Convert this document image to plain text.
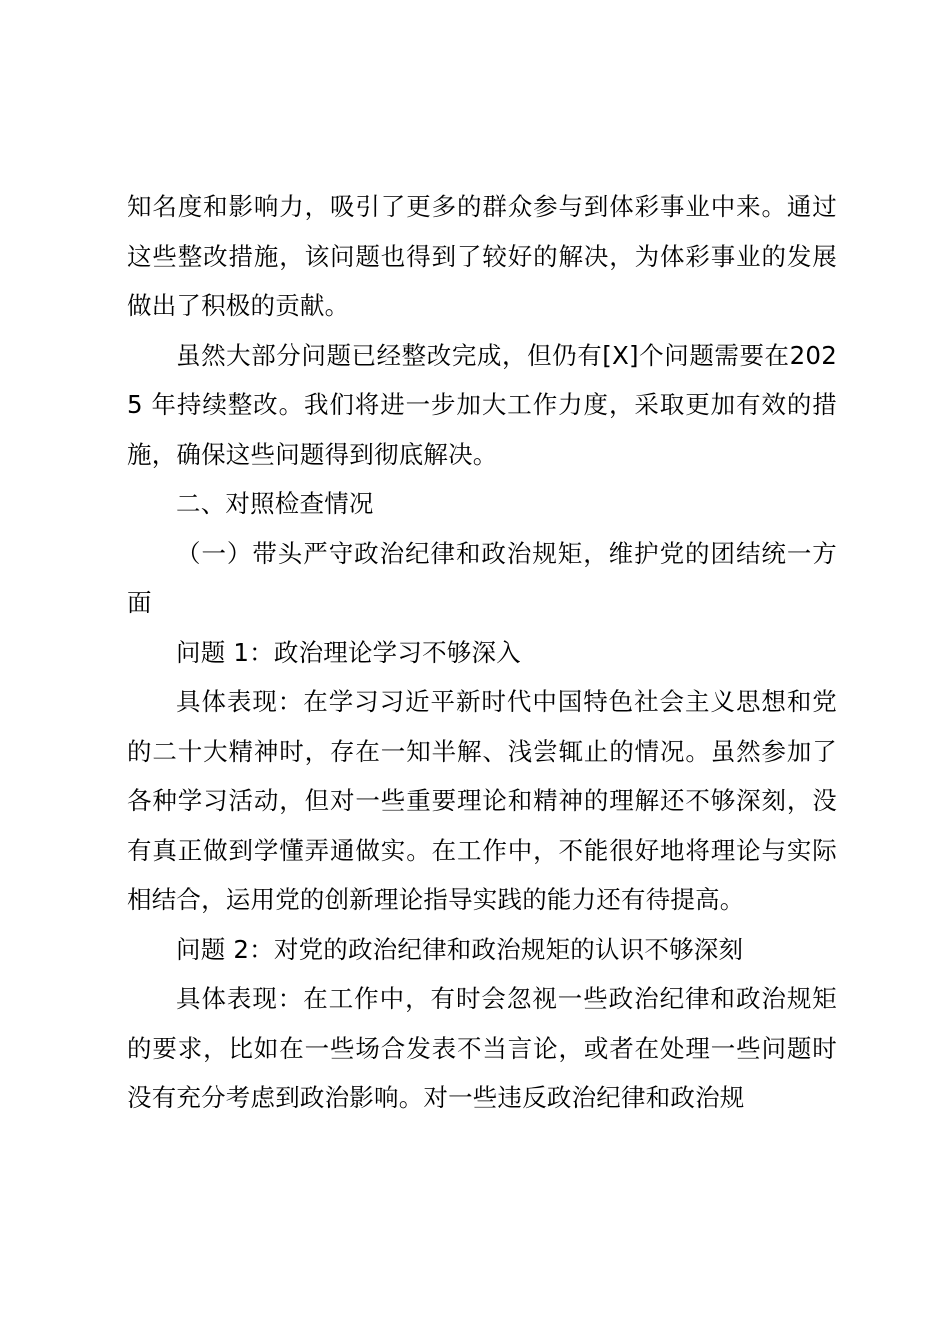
知名度和影响力，吸引了更多的群众参与到体彩事业中来。通过这些整改措施，该问题也得到了较好的解决，为体彩事业的发展做出了积极的贡献。

虽然大部分问题已经整改完成，但仍有[X]个问题需要在2025 年持续整改。我们将进一步加大工作力度，采取更加有效的措施，确保这些问题得到彻底解决。

二、对照检查情况

（一）带头严守政治纪律和政治规矩，维护党的团结统一方面

问题 1：政治理论学习不够深入

具体表现：在学习习近平新时代中国特色社会主义思想和党的二十大精神时，存在一知半解、浅尝辄止的情况。虽然参加了各种学习活动，但对一些重要理论和精神的理解还不够深刻，没有真正做到学懂弄通做实。在工作中，不能很好地将理论与实际相结合，运用党的创新理论指导实践的能力还有待提高。

问题 2：对党的政治纪律和政治规矩的认识不够深刻

具体表现：在工作中，有时会忽视一些政治纪律和政治规矩的要求，比如在一些场合发表不当言论，或者在处理一些问题时没有充分考虑到政治影响。对一些违反政治纪律和政治规
